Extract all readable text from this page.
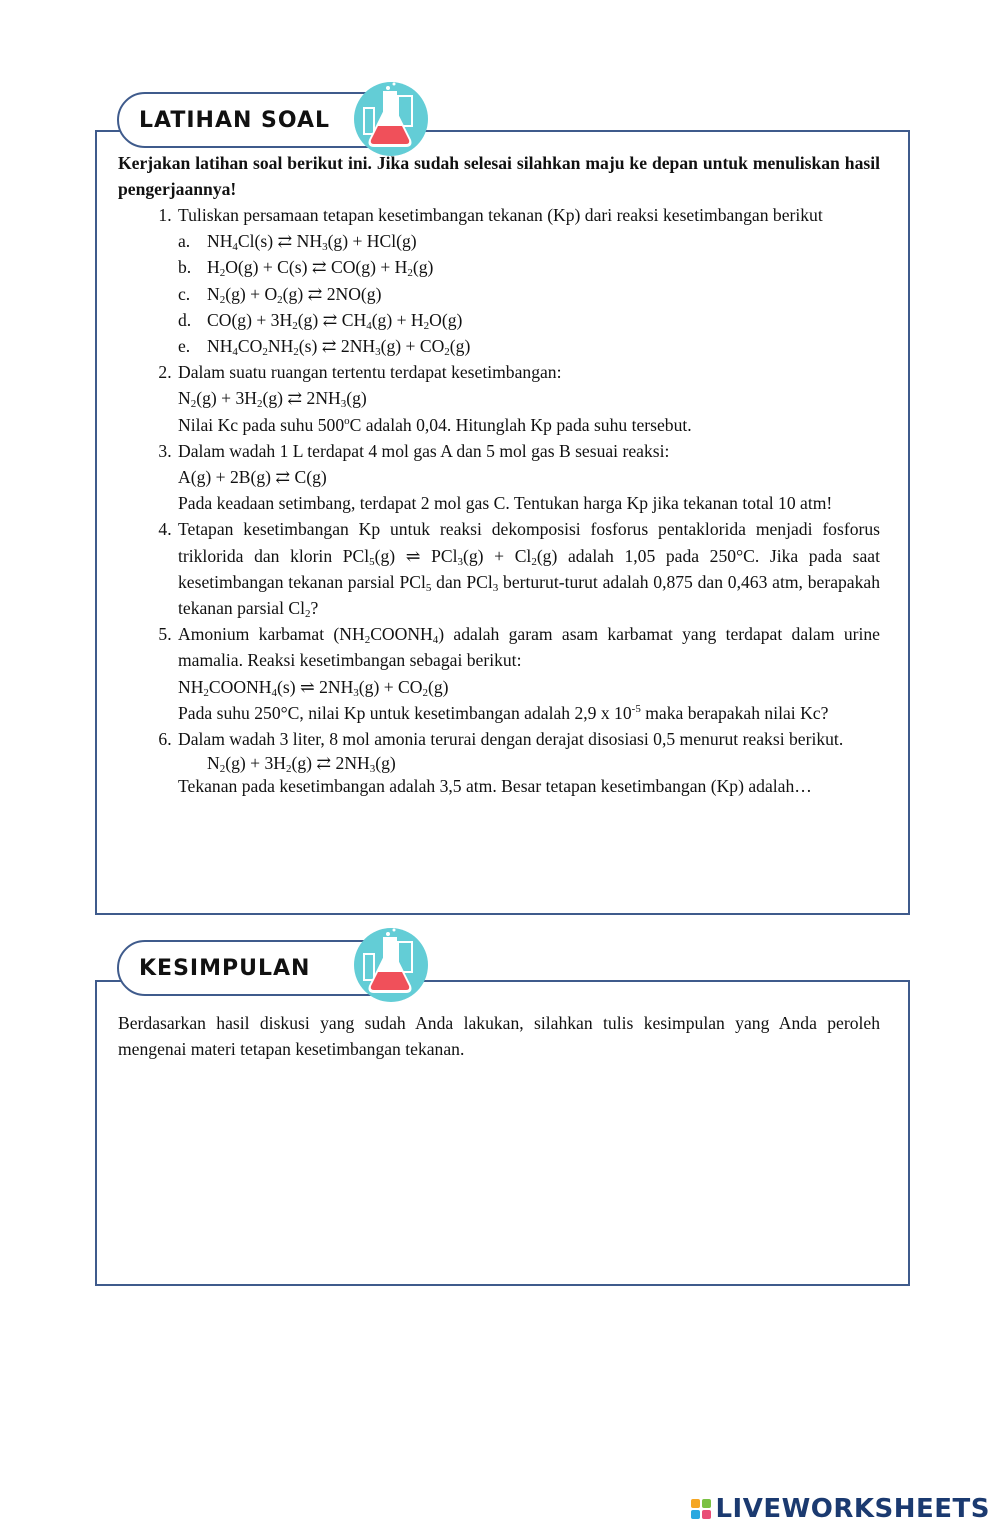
LATIHAN SOAL
Kerjakan latihan soal berikut ini. Jika sudah selesai silahkan maju ke depan untuk menuliskan hasil pengerjaannya!
1. Tuliskan persamaan tetapan kesetimbangan tekanan (Kp) dari reaksi kesetimbangan berikut
a. $NH_4Cl(s)$ ⇄ $NH_3(g) + HCl(g)$
b. $H_2O(g) + C(s)$ ⇄ $CO(g) + H_2(g)$
c. $N_2(g) + O_2(g)$ ⇄ 2NO(g)
d. $CO(g) + 3H_2(g)$ ⇄ $CH_4(g) + H_2O(g)$
e. $NH_4CO_2NH_2(s)$ ⇄ $2NH_3(g) + CO_2(g)$
2. Dalam suatu ruangan tertentu terdapat kesetimbangan:
$N_2(g) + 3H_2(g)$ ⇄ $2NH_3(g)$
Nilai Kc pada suhu 500$^o$C adalah 0,04. Hitunglah Kp pada suhu tersebut.
3. Dalam wadah 1 L terdapat 4 mol gas A dan 5 mol gas B sesuai reaksi:
A(g) + 2B(g) ⇄ C(g)
Pada keadaan setimbang, terdapat 2 mol gas C. Tentukan harga Kp jika tekanan total 10 atm!
4. Tetapan kesetimbangan Kp untuk reaksi dekomposisi fosforus pentaklorida menjadi fosforus triklorida dan klorin PCl$_5$(g) ⇌ $PCl_3(g) + Cl_2(g)$ adalah 1,05 pada 250°C. Jika pada saat kesetimbangan tekanan parsial PCl$_5$ dan PCl$_3$ berturut-turut adalah 0,875 dan 0,463 atm, berapakah tekanan parsial $Cl_2$?
5. Amonium karbamat $(NH_2COONH_4)$ adalah garam asam karbamat yang terdapat dalam urine mamalia. Reaksi kesetimbangan sebagai berikut:
$NH_2COONH_4(s)$ ⇌ $2NH_3(g) + CO_2(g)$
Pada suhu 250°C, nilai Kp untuk kesetimbangan adalah 2,9 x $10^{-5}$ maka berapakah nilai Kc?
6. Dalam wadah 3 liter, 8 mol amonia terurai dengan derajat disosiasi 0,5 menurut reaksi berikut.
$N_2(g) + 3H_2(g)$ ⇄ $2NH_3(g)$
Tekanan pada kesetimbangan adalah 3,5 atm. Besar tetapan kesetimbangan (Kp) adalah…
KESIMPULAN
Berdasarkan hasil diskusi yang sudah Anda lakukan, silahkan tulis kesimpulan yang Anda peroleh mengenai materi tetapan kesetimbangan tekanan.
LIVEWORKSHEETS
